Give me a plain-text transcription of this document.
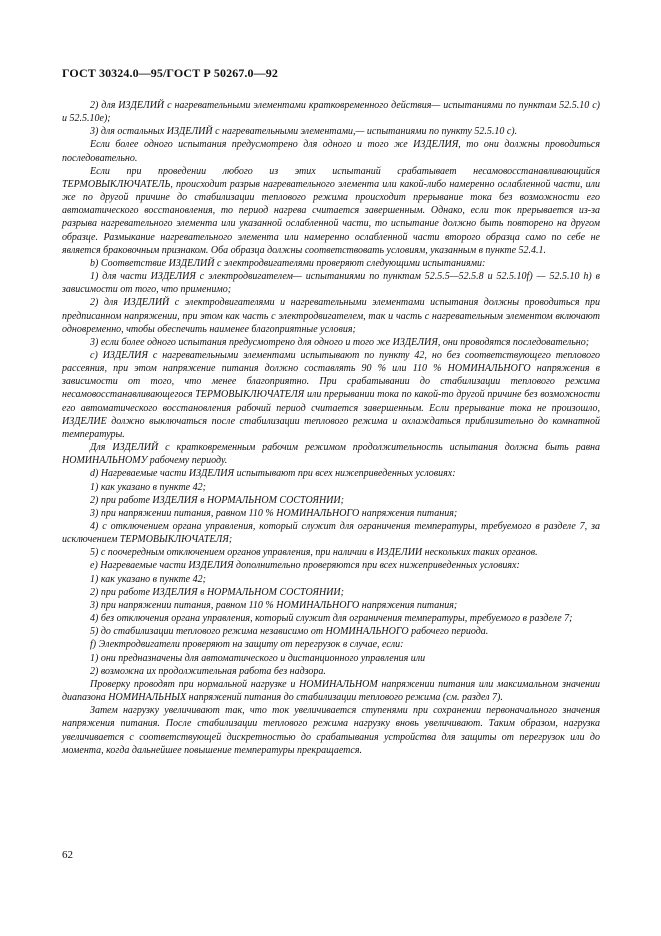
ГОСТ 30324.0—95/ГОСТ Р 50267.0—92

2) для ИЗДЕЛИЙ с нагревательными элементами кратковременного действия— испытаниями по пунктам 52.5.10 с) и 52.5.10е);

3) для остальных ИЗДЕЛИЙ с нагревательными элементами,— испытаниями по пункту 52.5.10 с).

Если более одного испытания предусмотрено для одного и того же ИЗДЕЛИЯ, то они должны проводиться последовательно.

Если при проведении любого из этих испытаний срабатывает несамовосстанавливающийся ТЕРМОВЫКЛЮЧАТЕЛЬ, происходит разрыв нагревательного элемента или какой-либо намеренно ослабленной части, или же по другой причине до стабилизации теплового режима происходит прерывание тока без возможности его автоматического восстановления, то период нагрева считается завершенным. Однако, если ток прерывается из-за разрыва нагревательного элемента или указанной ослабленной части, то испытание должно быть повторено на другом образце. Размыкание нагревательного элемента или намеренно ослабленной части второго образца само по себе не является браковочным признаком. Оба образца должны соответствовать условиям, указанным в пункте 52.4.1.

b) Соответствие ИЗДЕЛИЙ с электродвигателями проверяют следующими испытаниями:

1) для части ИЗДЕЛИЯ с электродвигателем— испытаниями по пунктам 52.5.5—52.5.8 и 52.5.10f) — 52.5.10 h) в зависимости от того, что применимо;

2) для ИЗДЕЛИЙ с электродвигателями и нагревательными элементами испытания должны проводиться при предписанном напряжении, при этом как часть с электродвигателем, так и часть с нагревательным элементом включают одновременно, чтобы обеспечить наименее благоприятные условия;

3) если более одного испытания предусмотрено для одного и того же ИЗДЕЛИЯ, они проводятся последовательно;

с) ИЗДЕЛИЯ с нагревательными элементами испытывают по пункту 42, но без соответствующего теплового рассеяния, при этом напряжение питания должно составлять 90 % или 110 % НОМИНАЛЬНОГО напряжения в зависимости от того, что менее благоприятно. При срабатывании до стабилизации теплового режима несамовосстанавливающегося ТЕРМОВЫКЛЮЧАТЕЛЯ или прерывании тока по какой-то другой причине без возможности его автоматического восстановления рабочий период считается завершенным. Если прерывание тока не произошло, ИЗДЕЛИЕ должно выключаться после стабилизации теплового режима и охлаждаться приблизительно до комнатной температуры.

Для ИЗДЕЛИЙ с кратковременным рабочим режимом продолжительность испытания должна быть равна НОМИНАЛЬНОМУ рабочему периоду.

d) Нагреваемые части ИЗДЕЛИЯ испытывают при всех нижеприведенных условиях:

1) как указано в пункте 42;

2) при работе ИЗДЕЛИЯ в НОРМАЛЬНОМ СОСТОЯНИИ;

3) при напряжении питания, равном 110 % НОМИНАЛЬНОГО напряжения питания;

4) с отключением органа управления, который служит для ограничения температуры, требуемого в разделе 7, за исключением ТЕРМОВЫКЛЮЧАТЕЛЯ;

5) с поочередным отключением органов управления, при наличии в ИЗДЕЛИИ нескольких таких органов.

е) Нагреваемые части ИЗДЕЛИЯ дополнительно проверяются при всех нижеприведенных условиях:

1) как указано в пункте 42;

2) при работе ИЗДЕЛИЯ в НОРМАЛЬНОМ СОСТОЯНИИ;

3) при напряжении питания, равном 110 % НОМИНАЛЬНОГО напряжения питания;

4) без отключения органа управления, который служит для ограничения температуры, требуемого в разделе 7;

5) до стабилизации теплового режима независимо от НОМИНАЛЬНОГО рабочего периода.

f) Электродвигатели проверяют на защиту от перегрузок в случае, если:

1) они предназначены для автоматического и дистанционного управления или

2) возможна их продолжительная работа без надзора.

Проверку проводят при нормальной нагрузке и НОМИНАЛЬНОМ напряжении питания или максимальном значении диапазона НОМИНАЛЬНЫХ напряжений питания до стабилизации теплового режима (см. раздел 7).

Затем нагрузку увеличивают так, что ток увеличивается ступенями при сохранении первоначального значения напряжения питания. После стабилизации теплового режима нагрузку вновь увеличивают. Таким образом, нагрузка увеличивается с соответствующей дискретностью до срабатывания устройства для защиты от перегрузок или до момента, когда дальнейшее повышение температуры прекращается.

62
